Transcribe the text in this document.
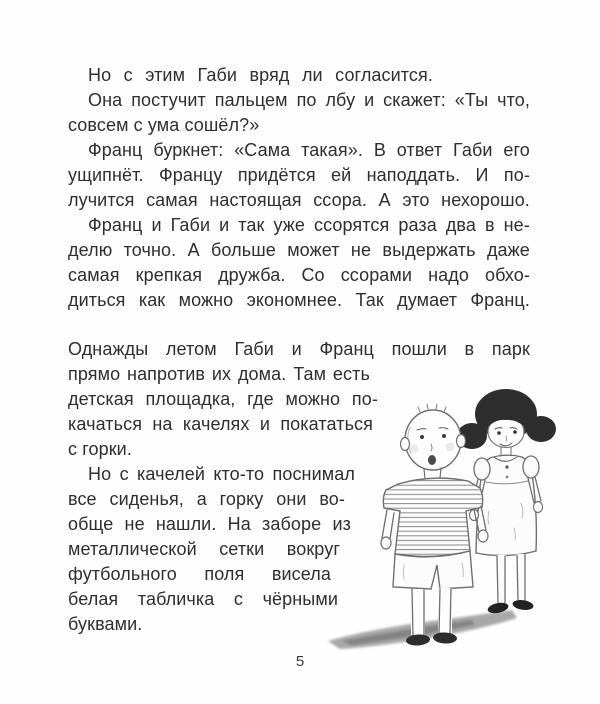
Но с этим Габи вряд ли согласится.
Она постучит пальцем по лбу и скажет: «Ты что,
совсем с ума сошёл?»
Франц буркнет: «Сама такая». В ответ Габи его
ущипнёт. Францу придётся ей наподдать. И по-
лучится самая настоящая ссора. А это нехорошо.
Франц и Габи и так уже ссорятся раза два в не-
делю точно. А больше может не выдержать даже
самая крепкая дружба. Со ссорами надо обхо-
диться как можно экономнее. Так думает Франц.
Однажды летом Габи и Франц пошли в парк
прямо напротив их дома. Там есть
детская площадка, где можно по-
качаться на качелях и покататься
с горки.
Но с качелей кто-то поснимал
все сиденья, а горку они во-
обще не нашли. На заборе из
металлической сетки вокруг
футбольного поля висела
белая табличка с чёрными
буквами.
5
